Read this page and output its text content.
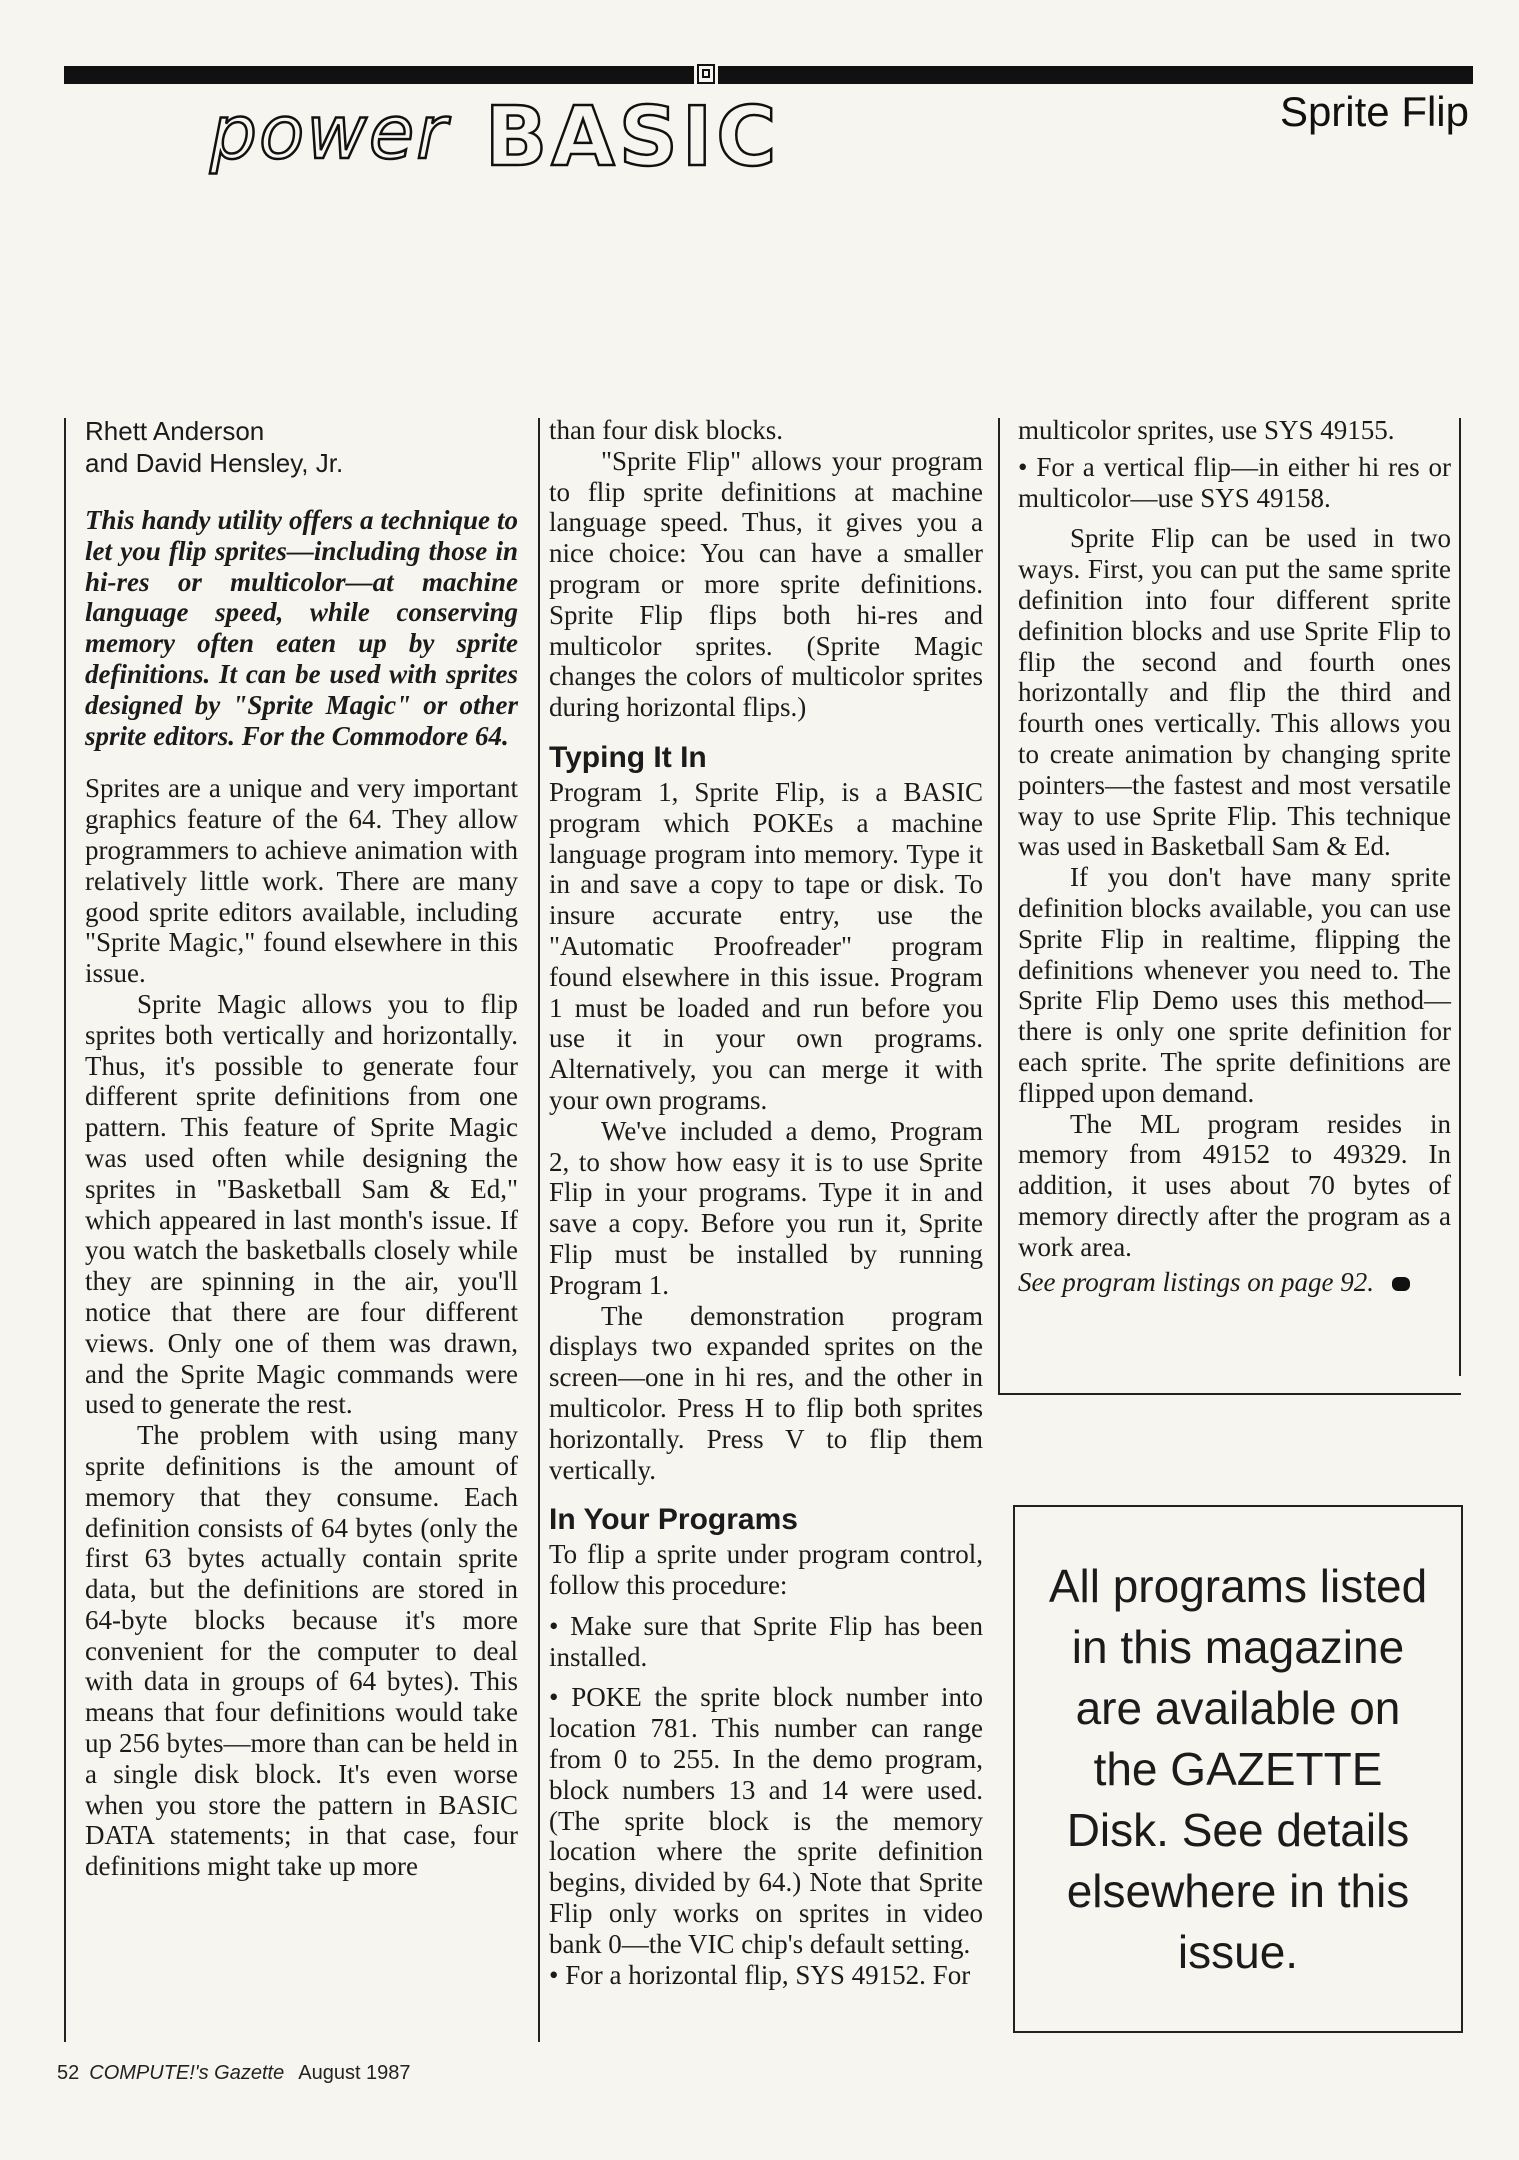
power BASIC	Sprite Flip
Rhett Anderson
and David Hensley, Jr.

This handy utility offers a technique to let you flip sprites—including those in hi-res or multicolor—at machine language speed, while conserving memory often eaten up by sprite definitions. It can be used with sprites designed by "Sprite Magic" or other sprite editors. For the Commodore 64.

Sprites are a unique and very important graphics feature of the 64. They allow programmers to achieve animation with relatively little work. There are many good sprite editors available, including "Sprite Magic," found elsewhere in this issue.

Sprite Magic allows you to flip sprites both vertically and horizontally. Thus, it's possible to generate four different sprite definitions from one pattern. This feature of Sprite Magic was used often while designing the sprites in "Basketball Sam & Ed," which appeared in last month's issue. If you watch the basketballs closely while they are spinning in the air, you'll notice that there are four different views. Only one of them was drawn, and the Sprite Magic commands were used to generate the rest.

The problem with using many sprite definitions is the amount of memory that they consume. Each definition consists of 64 bytes (only the first 63 bytes actually contain sprite data, but the definitions are stored in 64-byte blocks because it's more convenient for the computer to deal with data in groups of 64 bytes). This means that four definitions would take up 256 bytes—more than can be held in a single disk block. It's even worse when you store the pattern in BASIC DATA statements; in that case, four definitions might take up more

than four disk blocks.

"Sprite Flip" allows your program to flip sprite definitions at machine language speed. Thus, it gives you a nice choice: You can have a smaller program or more sprite definitions. Sprite Flip flips both hi-res and multicolor sprites. (Sprite Magic changes the colors of multicolor sprites during horizontal flips.)

Typing It In

Program 1, Sprite Flip, is a BASIC program which POKEs a machine language program into memory. Type it in and save a copy to tape or disk. To insure accurate entry, use the "Automatic Proofreader" program found elsewhere in this issue. Program 1 must be loaded and run before you use it in your own programs. Alternatively, you can merge it with your own programs.

We've included a demo, Program 2, to show how easy it is to use Sprite Flip in your programs. Type it in and save a copy. Before you run it, Sprite Flip must be installed by running Program 1.

The demonstration program displays two expanded sprites on the screen—one in hi res, and the other in multicolor. Press H to flip both sprites horizontally. Press V to flip them vertically.

In Your Programs

To flip a sprite under program control, follow this procedure:

• Make sure that Sprite Flip has been installed.

• POKE the sprite block number into location 781. This number can range from 0 to 255. In the demo program, block numbers 13 and 14 were used. (The sprite block is the memory location where the sprite definition begins, divided by 64.) Note that Sprite Flip only works on sprites in video bank 0—the VIC chip's default setting.

• For a horizontal flip, SYS 49152. For

multicolor sprites, use SYS 49155.

• For a vertical flip—in either hi res or multicolor—use SYS 49158.

Sprite Flip can be used in two ways. First, you can put the same sprite definition into four different sprite definition blocks and use Sprite Flip to flip the second and fourth ones horizontally and flip the third and fourth ones vertically. This allows you to create animation by changing sprite pointers—the fastest and most versatile way to use Sprite Flip. This technique was used in Basketball Sam & Ed.

If you don't have many sprite definition blocks available, you can use Sprite Flip in realtime, flipping the definitions whenever you need to. The Sprite Flip Demo uses this method—there is only one sprite definition for each sprite. The sprite definitions are flipped upon demand.

The ML program resides in memory from 49152 to 49329. In addition, it uses about 70 bytes of memory directly after the program as a work area.

See program listings on page 92.

All programs listed in this magazine are available on the GAZETTE Disk. See details elsewhere in this issue.
52 COMPUTE!'s Gazette August 1987
